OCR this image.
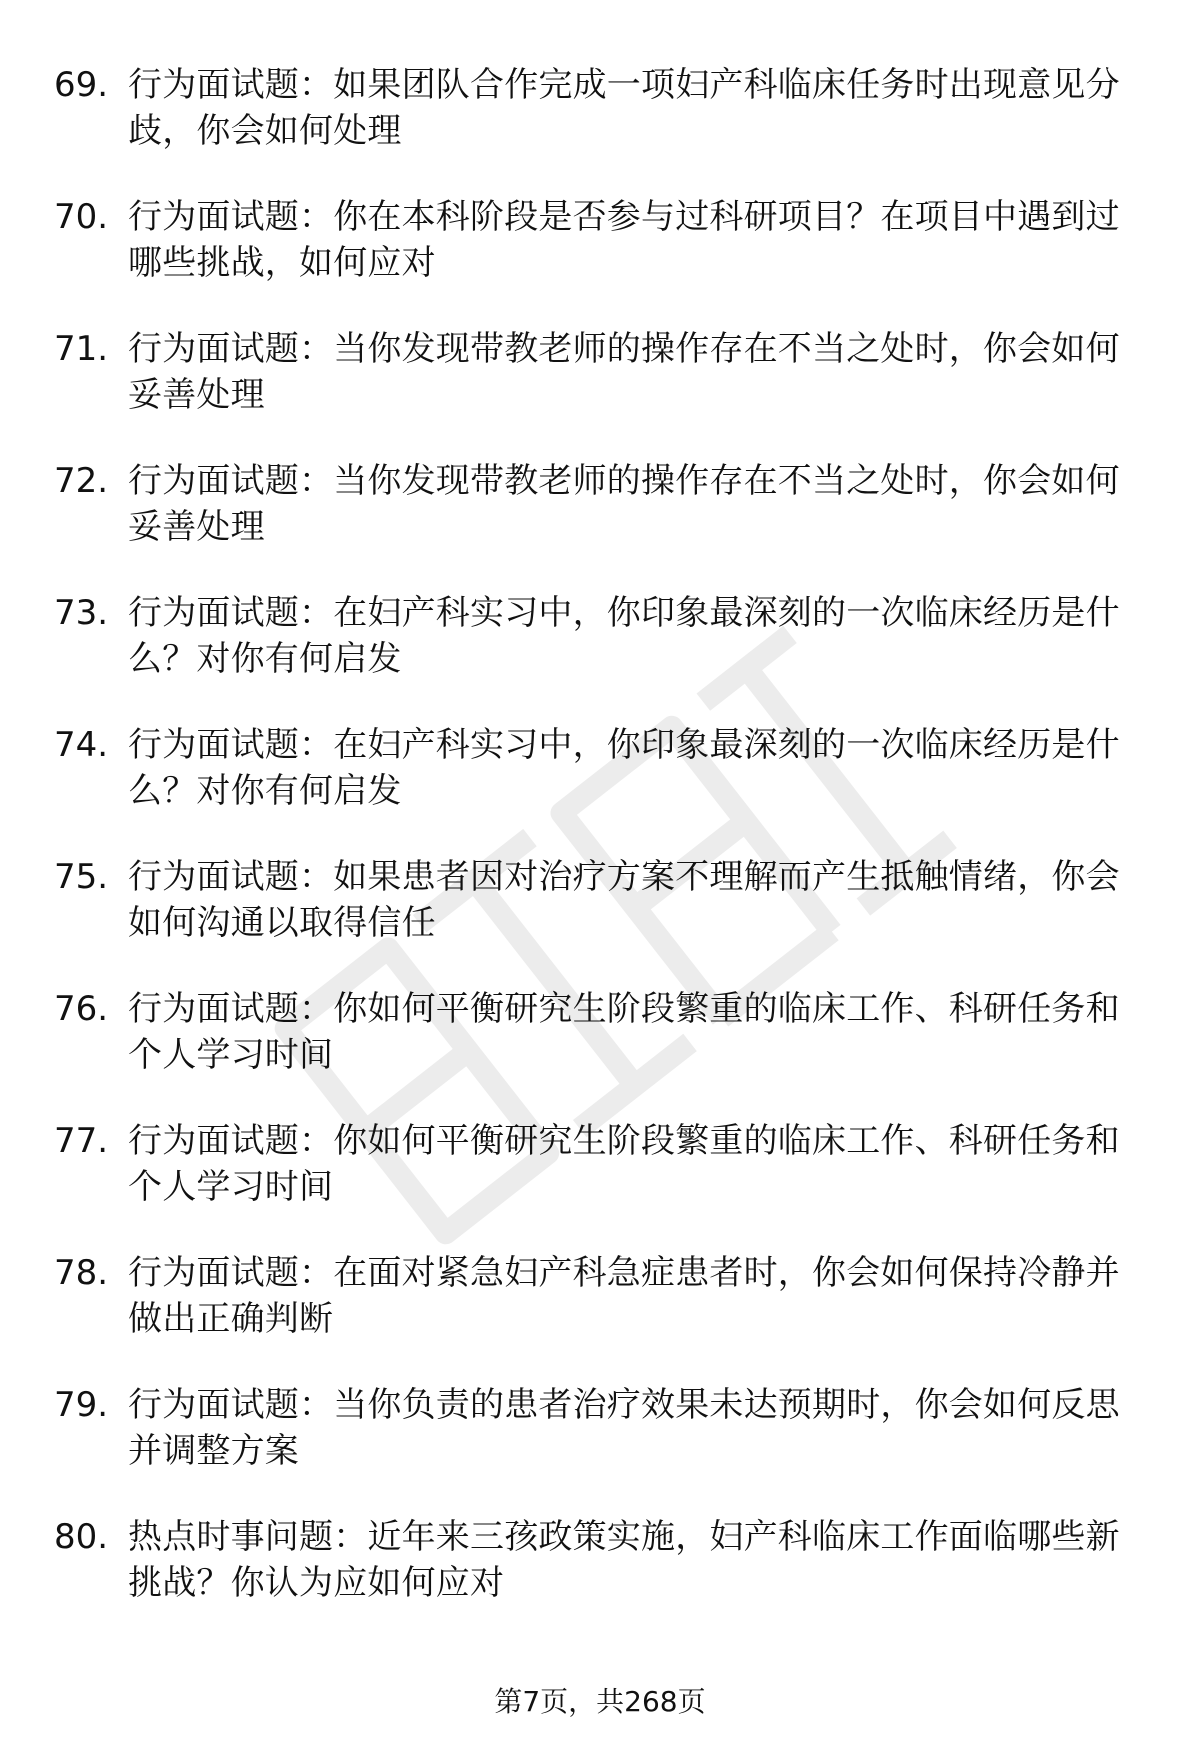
69. 行为面试题：如果团队合作完成一项妇产科临床任务时出现意见分歧，你会如何处理
70. 行为面试题：你在本科阶段是否参与过科研项目？在项目中遇到过哪些挑战，如何应对
71. 行为面试题：当你发现带教老师的操作存在不当之处时，你会如何妥善处理
72. 行为面试题：当你发现带教老师的操作存在不当之处时，你会如何妥善处理
73. 行为面试题：在妇产科实习中，你印象最深刻的一次临床经历是什么？对你有何启发
74. 行为面试题：在妇产科实习中，你印象最深刻的一次临床经历是什么？对你有何启发
75. 行为面试题：如果患者因对治疗方案不理解而产生抵触情绪，你会如何沟通以取得信任
76. 行为面试题：你如何平衡研究生阶段繁重的临床工作、科研任务和个人学习时间
77. 行为面试题：你如何平衡研究生阶段繁重的临床工作、科研任务和个人学习时间
78. 行为面试题：在面对紧急妇产科急症患者时，你会如何保持冷静并做出正确判断
79. 行为面试题：当你负责的患者治疗效果未达预期时，你会如何反思并调整方案
80. 热点时事问题：近年来三孩政策实施，妇产科临床工作面临哪些新挑战？你认为应如何应对
第7页，共268页
